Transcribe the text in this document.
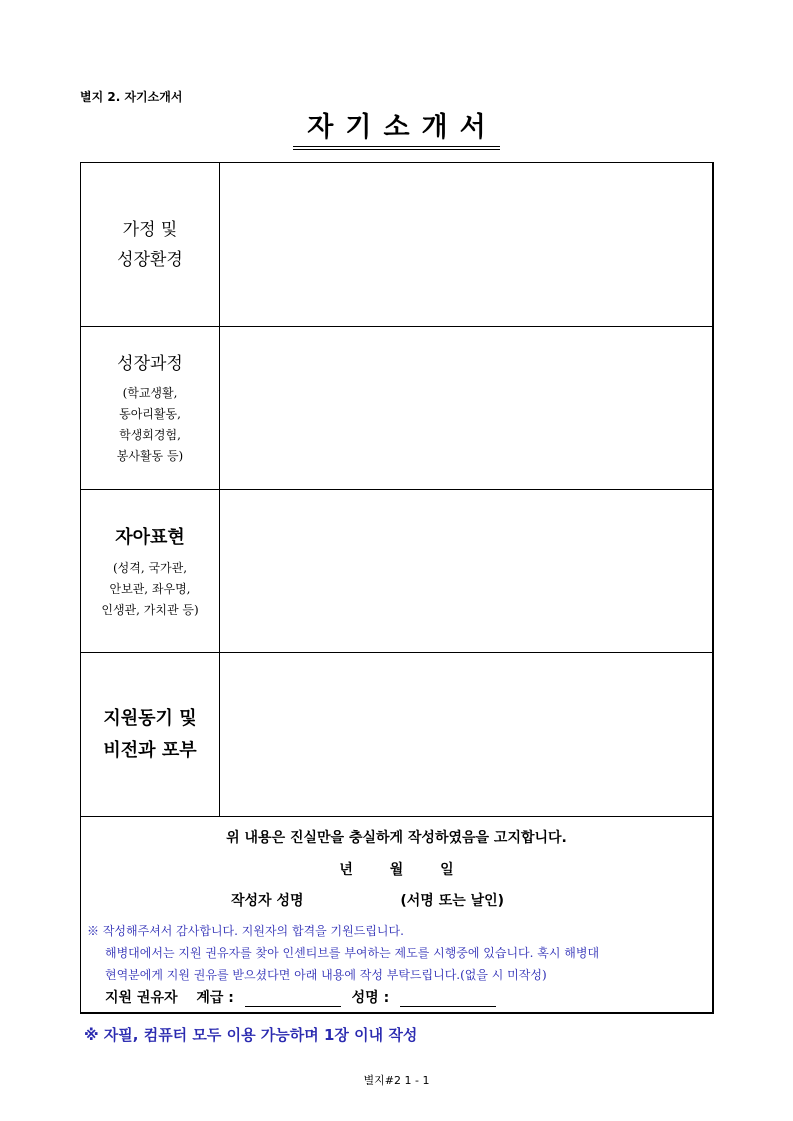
별지 2. 자기소개서
자기소개서
가정 및
성장환경
성장과정
(학교생활,
동아리활동,
학생회경험,
봉사활동 등)
자아표현
(성격, 국가관,
안보관, 좌우명,
인생관, 가치관 등)
지원동기 및
비전과 포부
위 내용은 진실만을 충실하게 작성하였음을 고지합니다.
년	월	일
작성자 성명	(서명 또는 날인)
※ 작성해주셔서 감사합니다. 지원자의 합격을 기원드립니다.
해병대에서는 지원 권유자를 찾아 인센티브를 부여하는 제도를 시행중에 있습니다. 혹시 해병대
현역분에게 지원 권유를 받으셨다면 아래 내용에 작성 부탁드립니다.(없을 시 미작성)
지원 권유자 계급 :	성명 :
※ 자필, 컴퓨터 모두 이용 가능하며 1장 이내 작성
별지#2 1 - 1
